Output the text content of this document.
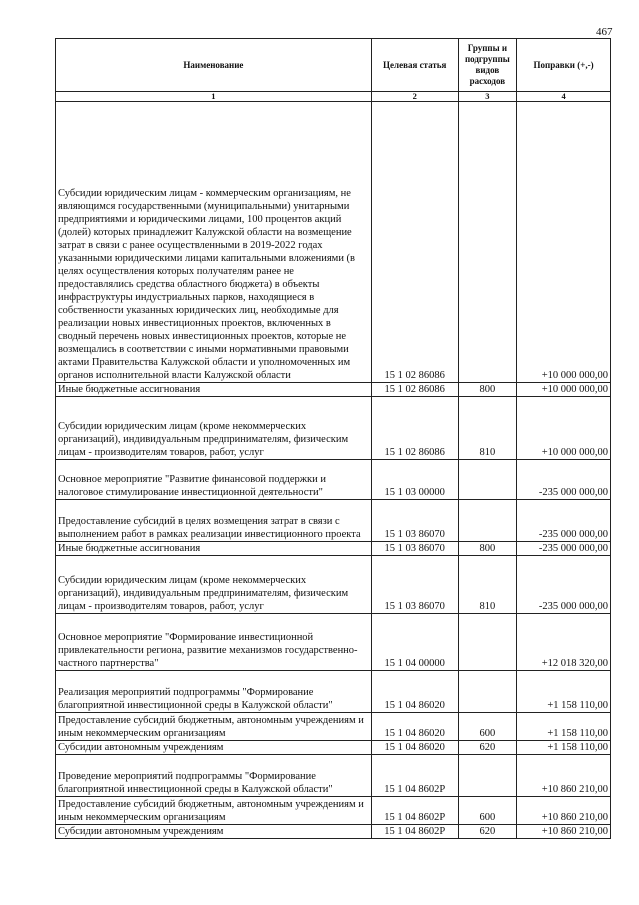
467
Наименование	Целевая статья	Группы и подгруппы видов расходов	Поправки (+,-)
1	2	3	4
Субсидии юридическим лицам - коммерческим организациям, не являющимся государственными (муниципальными) унитарными предприятиями и юридическими лицами, 100 процентов акций (долей) которых принадлежит Калужской области на возмещение затрат в связи с ранее осуществленными в 2019-2022 годах указанными юридическими лицами капитальными вложениями (в целях осуществления которых получателям ранее не предоставлялись средства областного бюджета) в объекты инфраструктуры индустриальных парков, находящиеся в собственности указанных юридических лиц, необходимые для реализации новых инвестиционных проектов, включенных в сводный перечень новых инвестиционных проектов, которые не возмещались в соответствии с иными нормативными правовыми актами Правительства Калужской области и уполномоченных им органов исполнительной власти Калужской области	15 1 02 86086		+10 000 000,00
Иные бюджетные ассигнования	15 1 02 86086	800	+10 000 000,00
Субсидии юридическим лицам (кроме некоммерческих организаций), индивидуальным предпринимателям, физическим лицам - производителям товаров, работ, услуг	15 1 02 86086	810	+10 000 000,00
Основное мероприятие "Развитие финансовой поддержки и налоговое стимулирование инвестиционной деятельности"	15 1 03 00000		-235 000 000,00
Предоставление субсидий в целях возмещения затрат в связи с выполнением работ в рамках реализации инвестиционного проекта	15 1 03 86070		-235 000 000,00
Иные бюджетные ассигнования	15 1 03 86070	800	-235 000 000,00
Субсидии юридическим лицам (кроме некоммерческих организаций), индивидуальным предпринимателям, физическим лицам - производителям товаров, работ, услуг	15 1 03 86070	810	-235 000 000,00
Основное мероприятие "Формирование инвестиционной привлекательности региона, развитие механизмов государственно-частного партнерства"	15 1 04 00000		+12 018 320,00
Реализация мероприятий подпрограммы "Формирование благоприятной инвестиционной среды в Калужской области"	15 1 04 86020		+1 158 110,00
Предоставление субсидий бюджетным, автономным учреждениям и иным некоммерческим организациям	15 1 04 86020	600	+1 158 110,00
Субсидии автономным учреждениям	15 1 04 86020	620	+1 158 110,00
Проведение мероприятий подпрограммы "Формирование благоприятной инвестиционной среды в Калужской области"	15 1 04 8602Р		+10 860 210,00
Предоставление субсидий бюджетным, автономным учреждениям и иным некоммерческим организациям	15 1 04 8602Р	600	+10 860 210,00
Субсидии автономным учреждениям	15 1 04 8602Р	620	+10 860 210,00
